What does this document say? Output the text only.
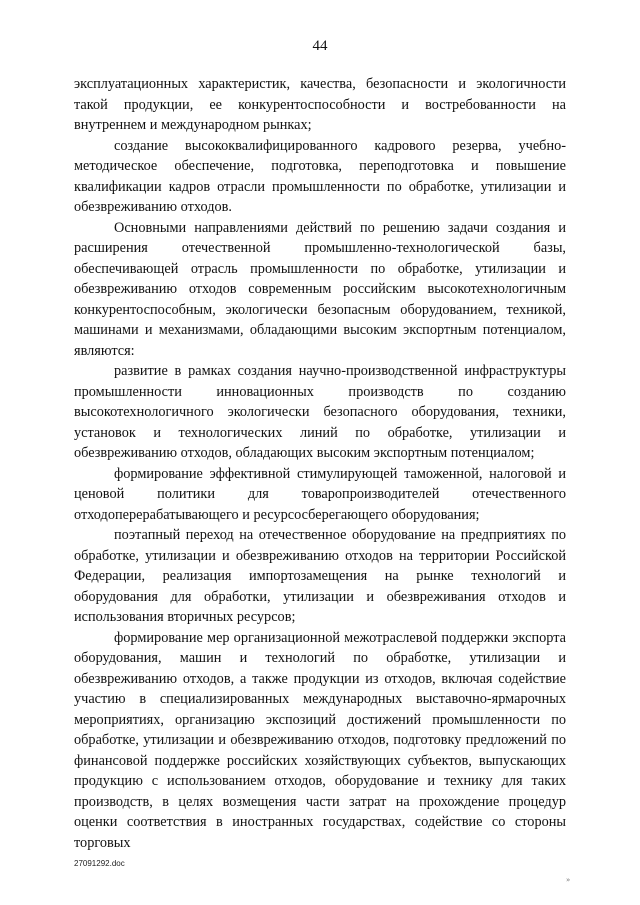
44

эксплуатационных характеристик, качества, безопасности и экологичности такой продукции, ее конкурентоспособности и востребованности на внутреннем и международном рынках;

создание высококвалифицированного кадрового резерва, учебно-методическое обеспечение, подготовка, переподготовка и повышение квалификации кадров отрасли промышленности по обработке, утилизации и обезвреживанию отходов.

Основными направлениями действий по решению задачи создания и расширения отечественной промышленно-технологической базы, обеспечивающей отрасль промышленности по обработке, утилизации и обезвреживанию отходов современным российским высокотехнологичным конкурентоспособным, экологически безопасным оборудованием, техникой, машинами и механизмами, обладающими высоким экспортным потенциалом, являются:

развитие в рамках создания научно-производственной инфраструктуры промышленности инновационных производств по созданию высокотехнологичного экологически безопасного оборудования, техники, установок и технологических линий по обработке, утилизации и обезвреживанию отходов, обладающих высоким экспортным потенциалом;

формирование эффективной стимулирующей таможенной, налоговой и ценовой политики для товаропроизводителей отечественного отходоперерабатывающего и ресурсосберегающего оборудования;

поэтапный переход на отечественное оборудование на предприятиях по обработке, утилизации и обезвреживанию отходов на территории Российской Федерации, реализация импортозамещения на рынке технологий и оборудования для обработки, утилизации и обезвреживания отходов и использования вторичных ресурсов;

формирование мер организационной межотраслевой поддержки экспорта оборудования, машин и технологий по обработке, утилизации и обезвреживанию отходов, а также продукции из отходов, включая содействие участию в специализированных международных выставочно-ярмарочных мероприятиях, организацию экспозиций достижений промышленности по обработке, утилизации и обезвреживанию отходов, подготовку предложений по финансовой поддержке российских хозяйствующих субъектов, выпускающих продукцию с использованием отходов, оборудование и технику для таких производств, в целях возмещения части затрат на прохождение процедур оценки соответствия в иностранных государствах, содействие со стороны торговых

27091292.doc
»
